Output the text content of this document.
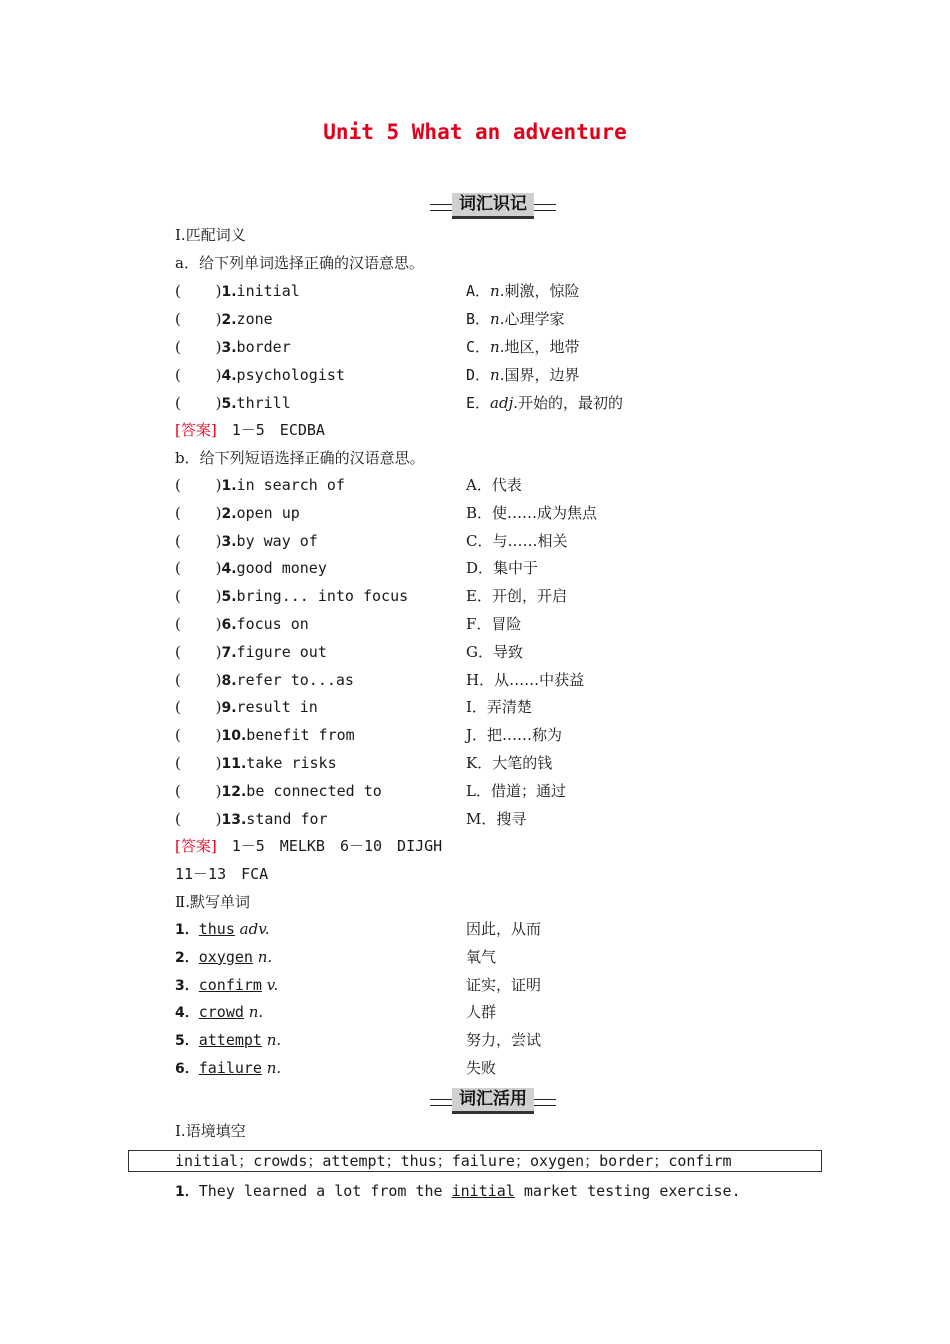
Unit 5 What an adventure
词汇识记
Ⅰ.匹配词义
a．给下列单词选择正确的汉语意思。
(　 　)1.initial	A．n.刺激，惊险
(　 　)2.zone	B．n.心理学家
(　 　)3.border	C．n.地区，地带
(　 　)4.psychologist	D．n.国界，边界
(　 　)5.thrill	E．adj.开始的，最初的
[答案]　 1－5　ECDBA
b．给下列短语选择正确的汉语意思。
(　 　)1.in search of	A．代表
(　 　)2.open up	B．使……成为焦点
(　 　)3.by way of	C．与……相关
(　 　)4.good money	D．集中于
(　 　)5.bring... into focus	E．开创，开启
(　 　)6.focus on	F．冒险
(　 　)7.figure out	G．导致
(　 　)8.refer to...as	H．从……中获益
(　 　)9.result in	I．弄清楚
(　 　)10.benefit from	J．把……称为
(　 　)11.take risks	K．大笔的钱
(　 　)12.be connected to	L．借道；通过
(　 　)13.stand for	M．搜寻
[答案]　 1－5　MELKB　6－10　DIJGH
11－13　FCA
Ⅱ.默写单词
1．thus adv.	因此，从而
2．oxygen n.	氧气
3．confirm v.	证实，证明
4．crowd n.	人群
5．attempt n.	努力，尝试
6．failure n.	失败
词汇活用
Ⅰ.语境填空
initial；crowds；attempt；thus；failure；oxygen；border；confirm
1．They learned a lot from the initial market testing exercise.
